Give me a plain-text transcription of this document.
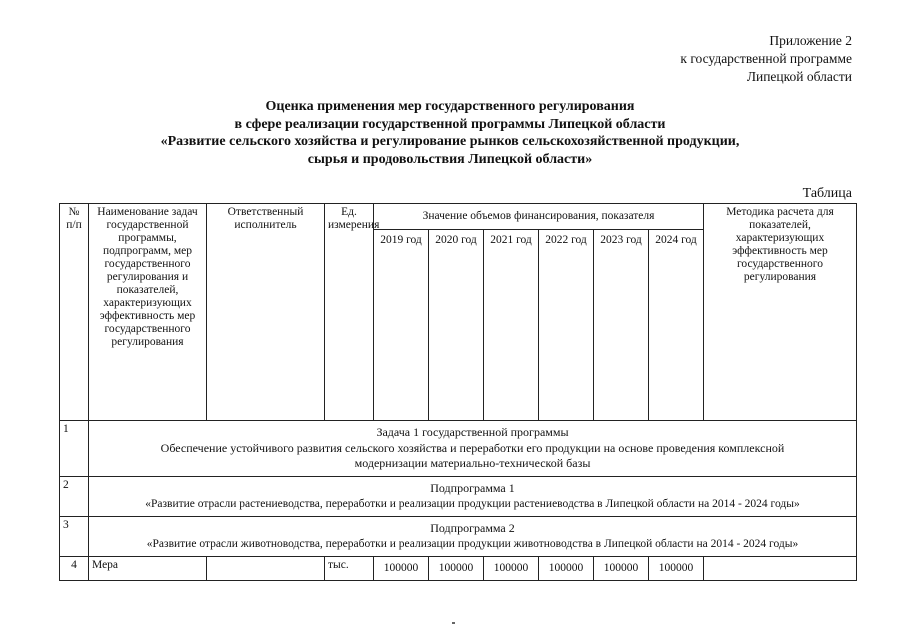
Приложение 2
к государственной программе
Липецкой области
Оценка применения мер государственного регулирования
в сфере реализации государственной программы Липецкой области
«Развитие сельского хозяйства и регулирование рынков сельскохозяйственной продукции,
сырья и продовольствия Липецкой области»
Таблица
№ п/п	Наименование задач государственной программы, подпрограмм, мер государственного регулирования и показателей, характеризующих эффективность мер государственного регулирования	Ответственный исполнитель	Ед. измерения	Значение объемов финансирования, показателя						Методика расчета для показателей, характеризующих эффективность мер государственного регулирования
				2019 год	2020 год	2021 год	2022 год	2023 год	2024 год	
1	Задача 1 государственной программы
Обеспечение устойчивого развития сельского хозяйства и переработки его продукции на основе проведения комплексной модернизации материально-технической базы									

2	Подпрограмма 1
«Развитие отрасли растениеводства, переработки и реализации продукции растениеводства в Липецкой области на 2014 - 2024 годы»									

3	Подпрограмма 2
«Развитие отрасли животноводства, переработки и реализации продукции животноводства в Липецкой области на 2014 - 2024 годы»									

4	Мера		тыс.	100000	100000	100000	100000	100000	100000	
